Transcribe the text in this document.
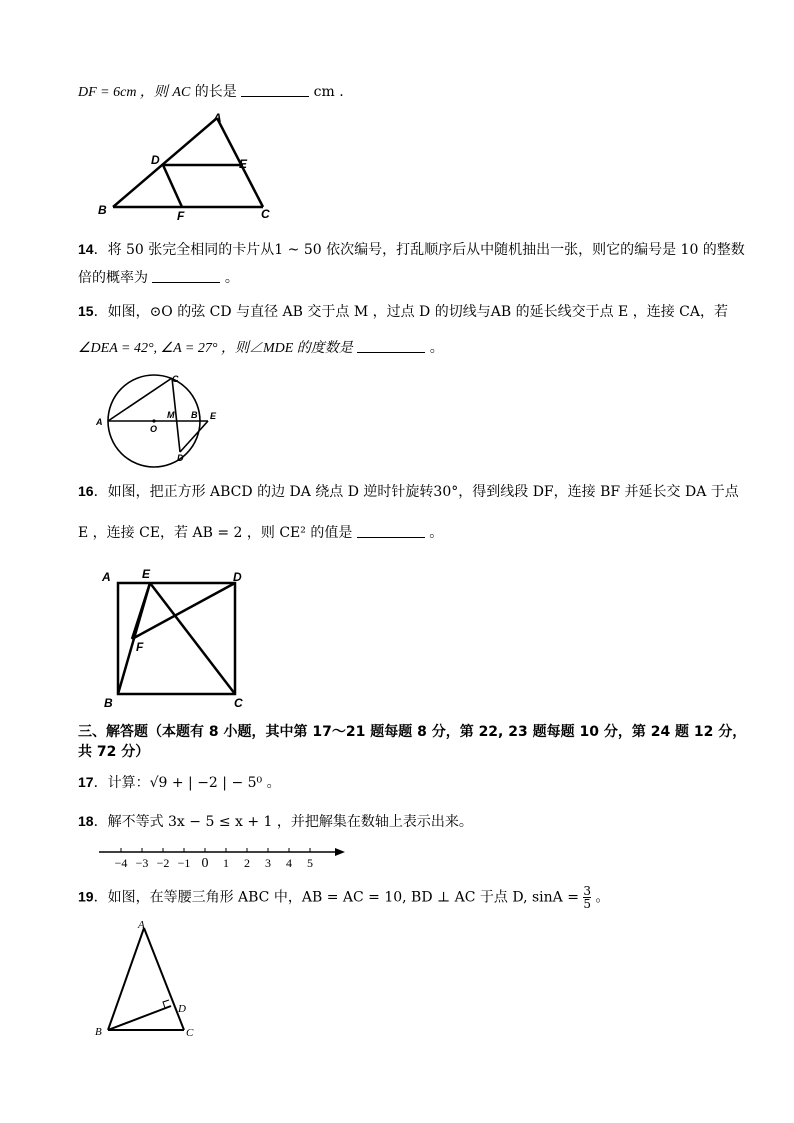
DF = 6cm ，则 AC 的长是	cm .
A
B	C
D	E
F
14．将 50 张完全相同的卡片从1 ~ 50 依次编号，打乱顺序后从中随机抽出一张，则它的编号是 10 的整数
倍的概率为	。
15．如图，⊙O 的弦 CD 与直径 AB 交于点 M ，过点 D 的切线与AB 的延长线交于点 E ，连接 CA，若
∠DEA = 42°, ∠A = 27° ，则∠MDE 的度数是	。
A
C
M B E
O
D
16．如图，把正方形 ABCD 的边 DA 绕点 D 逆时针旋转30°，得到线段 DF，连接 BF 并延长交 DA 于点
E ，连接 CE，若 AB = 2 ，则 CE² 的值是	。
A	E	D
F
B	C
三、解答题（本题有 8 小题，其中第 17～21 题每题 8 分，第 22, 23 题每题 10 分，第 24 题 12 分，
共 72 分）
17．计算：√9 + | −2 | − 5⁰ 。
18．解不等式 3x − 5 ≤ x + 1 ，并把解集在数轴上表示出来。
−4 −3 −2 −1 0 1 2 3 4 5
19．如图，在等腰三角形 ABC 中，AB = AC = 10, BD ⊥ AC 于点 D, $\sin A = \frac{3}{5}$ 。
A
B	C
D
